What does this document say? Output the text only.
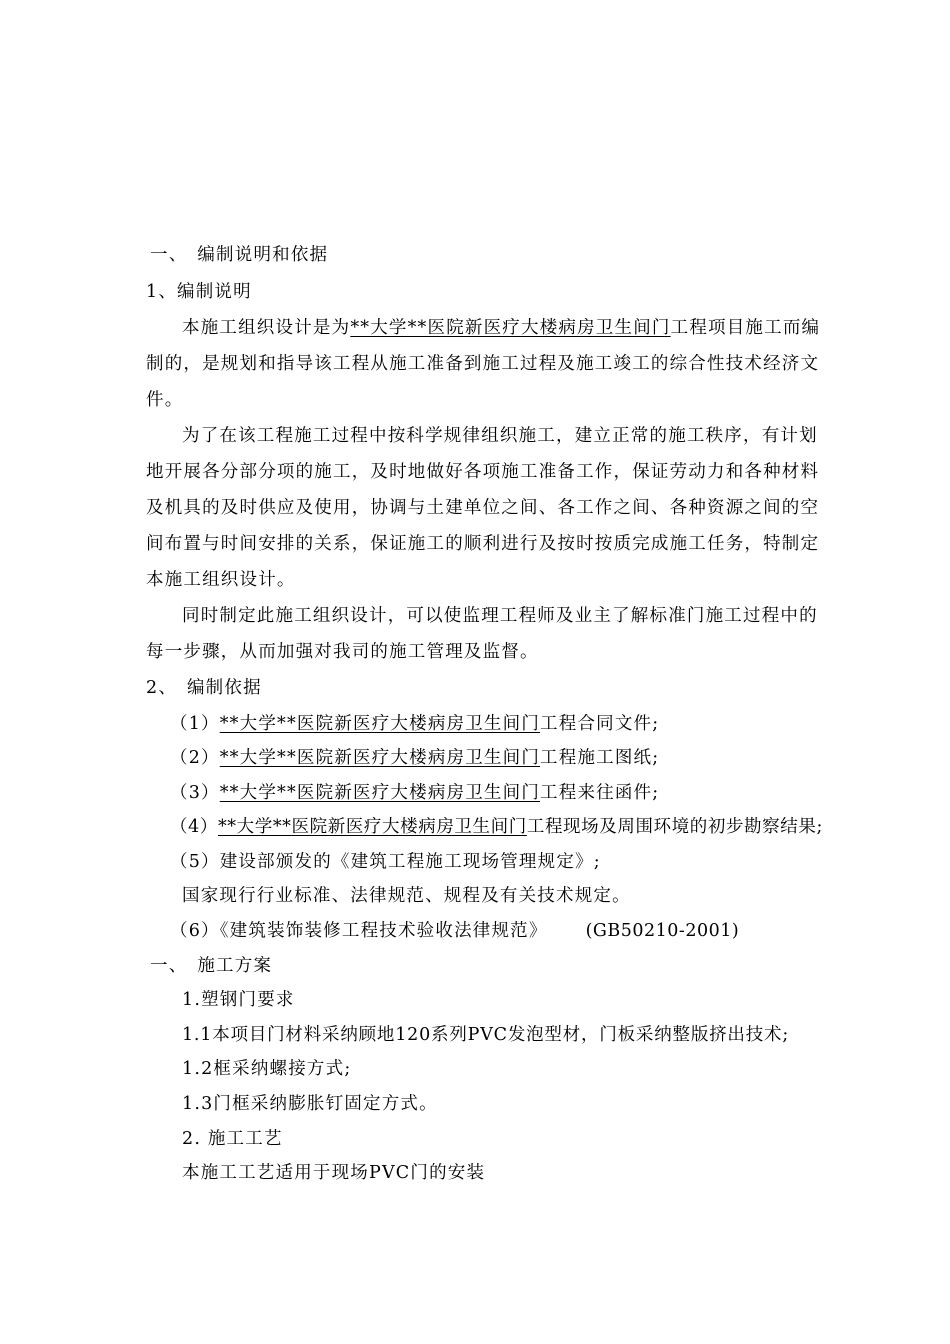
一、　编制说明和依据
1、编制说明
本施工组织设计是为**大学**医院新医疗大楼病房卫生间门工程项目施工而编
制的，是规划和指导该工程从施工准备到施工过程及施工竣工的综合性技术经济文
件。
为了在该工程施工过程中按科学规律组织施工，建立正常的施工秩序，有计划
地开展各分部分项的施工，及时地做好各项施工准备工作，保证劳动力和各种材料
及机具的及时供应及使用，协调与土建单位之间、各工作之间、各种资源之间的空
间布置与时间安排的关系，保证施工的顺利进行及按时按质完成施工任务，特制定
本施工组织设计。
同时制定此施工组织设计，可以使监理工程师及业主了解标准门施工过程中的
每一步骤，从而加强对我司的施工管理及监督。
2、　编制依据
（1）**大学**医院新医疗大楼病房卫生间门工程合同文件;
（2）**大学**医院新医疗大楼病房卫生间门工程施工图纸;
（3）**大学**医院新医疗大楼病房卫生间门工程来往函件;
（4）**大学**医院新医疗大楼病房卫生间门工程现场及周围环境的初步勘察结果;
（5）建设部颁发的《建筑工程施工现场管理规定》;
国家现行行业标准、法律规范、规程及有关技术规定。
（6）《建筑装饰装修工程技术验收法律规范》 (GB50210-2001)
一、　施工方案
1.塑钢门要求
1.1本项目门材料采纳顾地120系列PVC发泡型材，门板采纳整版挤出技术;
1.2框采纳螺接方式;
1.3门框采纳膨胀钉固定方式。
2. 施工工艺
本施工工艺适用于现场PVC门的安装
